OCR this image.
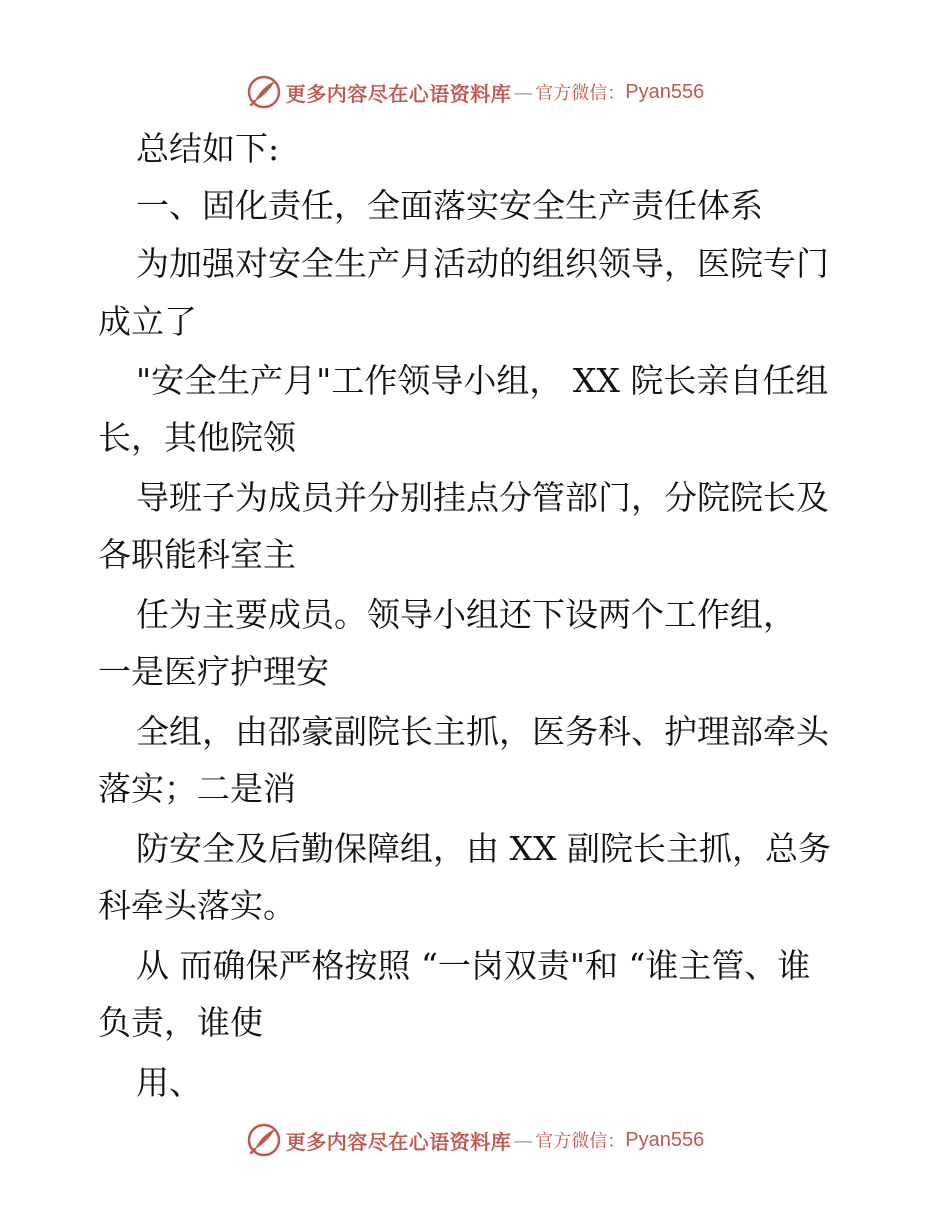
更多内容尽在心语资料库 — 官方微信： Pyan556
总结如下:
一、固化责任，全面落实安全生产责任体系
为加强对安全生产月活动的组织领导，医院专门
成立了
"安全生产月"工作领导小组， XX 院长亲自任组
长，其他院领
导班子为成员并分别挂点分管部门，分院院长及
各职能科室主
任为主要成员。领导小组还下设两个工作组，
一是医疗护理安
全组，由邵豪副院长主抓，医务科、护理部牵头
落实；二是消
防安全及后勤保障组，由 XX 副院长主抓，总务
科牵头落实。
从 而确保严格按照 “一岗双责"和 “谁主管、谁
负责，谁使
用、
更多内容尽在心语资料库 — 官方微信： Pyan556
